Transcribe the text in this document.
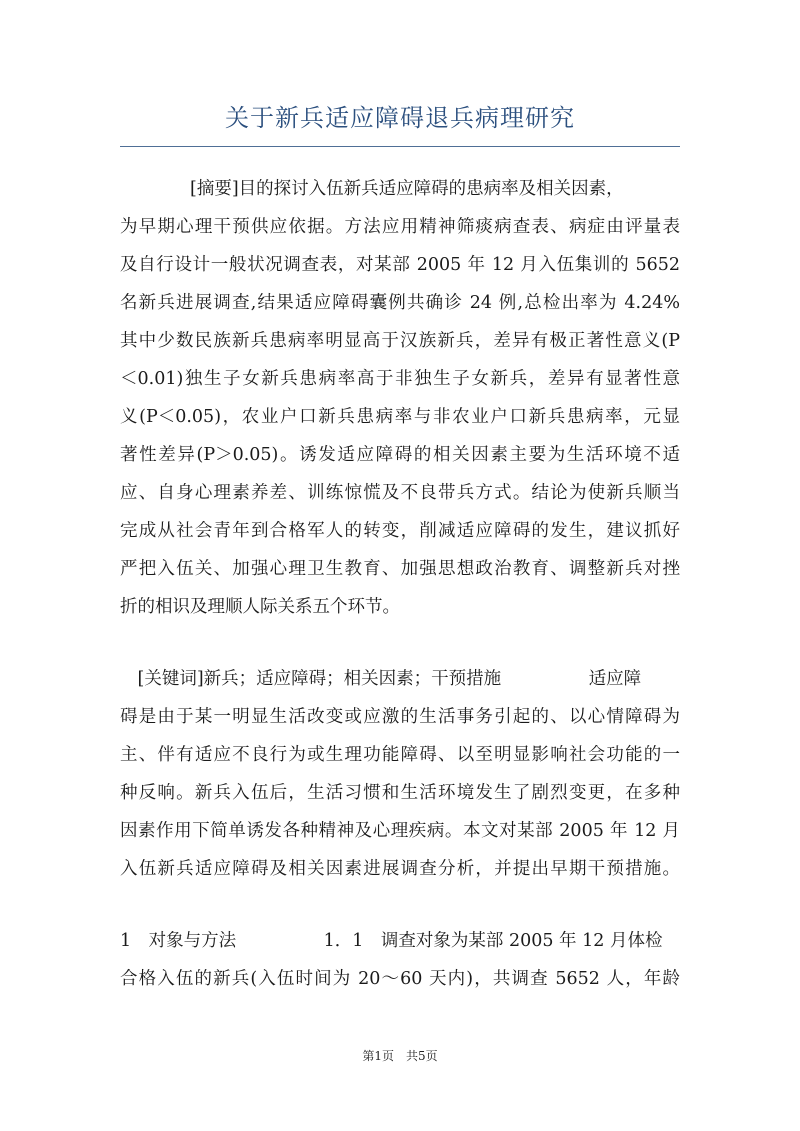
关于新兵适应障碍退兵病理研究

　　　　[摘要]目的探讨入伍新兵适应障碍的患病率及相关因素，

为早期心理干预供应依据。方法应用精神筛痰病查表、病症由评量表

及自行设计一般状况调查表，对某部 2005 年 12 月入伍集训的 5652

名新兵进展调查,结果适应障碍囊例共确诊 24 例,总检出率为 4.24%

其中少数民族新兵患病率明显高于汉族新兵，差异有极正著性意义(P

＜0.01)独生子女新兵患病率高于非独生子女新兵，差异有显著性意

义(P＜0.05)，农业户口新兵患病率与非农业户口新兵患病率，元显

著性差异(P＞0.05)。诱发适应障碍的相关因素主要为生活环境不适

应、自身心理素养差、训练惊慌及不良带兵方式。结论为使新兵顺当

完成从社会青年到合格军人的转变，削减适应障碍的发生，建议抓好

严把入伍关、加强心理卫生教育、加强思想政治教育、调整新兵对挫

折的相识及理顺人际关系五个环节。

　[关键词]新兵；适应障碍；相关因素；干预措施　　　　　适应障

碍是由于某一明显生活改变或应激的生活事务引起的、以心情障碍为

主、伴有适应不良行为或生理功能障碍、以至明显影响社会功能的一

种反响。新兵入伍后，生活习惯和生活环境发生了剧烈变更，在多种

因素作用下简单诱发各种精神及心理疾病。本文对某部 2005 年 12 月

入伍新兵适应障碍及相关因素进展调查分析，并提出早期干预措施。

1　对象与方法　　　　　1．1　调查对象为某部 2005 年 12 月体检

合格入伍的新兵(入伍时间为 20～60 天内)，共调查 5652 人，年龄

第1页　共5页
